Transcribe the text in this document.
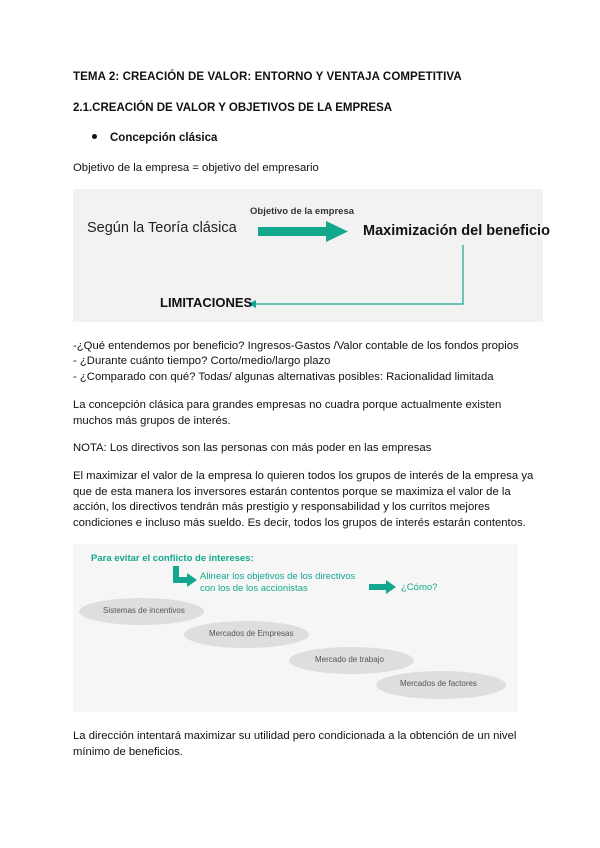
TEMA 2: CREACIÓN DE VALOR: ENTORNO Y VENTAJA COMPETITIVA
2.1.CREACIÓN DE VALOR Y OBJETIVOS DE LA EMPRESA
Concepción clásica
Objetivo de la empresa = objetivo del empresario
Según la Teoría clásica
Objetivo de la empresa
Maximización del beneficio
LIMITACIONES
-¿Qué entendemos por beneficio? Ingresos-Gastos /Valor contable de los fondos propios
- ¿Durante cuánto tiempo? Corto/medio/largo plazo
- ¿Comparado con qué? Todas/ algunas alternativas posibles: Racionalidad limitada
La concepción clásica para grandes empresas no cuadra porque actualmente existen muchos más grupos de interés.
NOTA: Los directivos son las personas con más poder en las empresas
El maximizar el valor de la empresa lo quieren todos los grupos de interés de la empresa ya que de esta manera los inversores estarán contentos porque se maximiza el valor de la acción, los directivos tendrán más prestigio y responsabilidad y los curritos mejores condiciones e incluso más sueldo. Es decir, todos los grupos de interés estarán contentos.
Para evitar el conflicto de intereses:
Alinear los objetivos de los directivos
con los de los accionistas	¿Cómo?
Sistemas de incentivos
Mercados de Empresas
Mercado de trabajo
Mercados de factores
La dirección intentará maximizar su utilidad pero condicionada a la obtención de un nivel mínimo de beneficios.
